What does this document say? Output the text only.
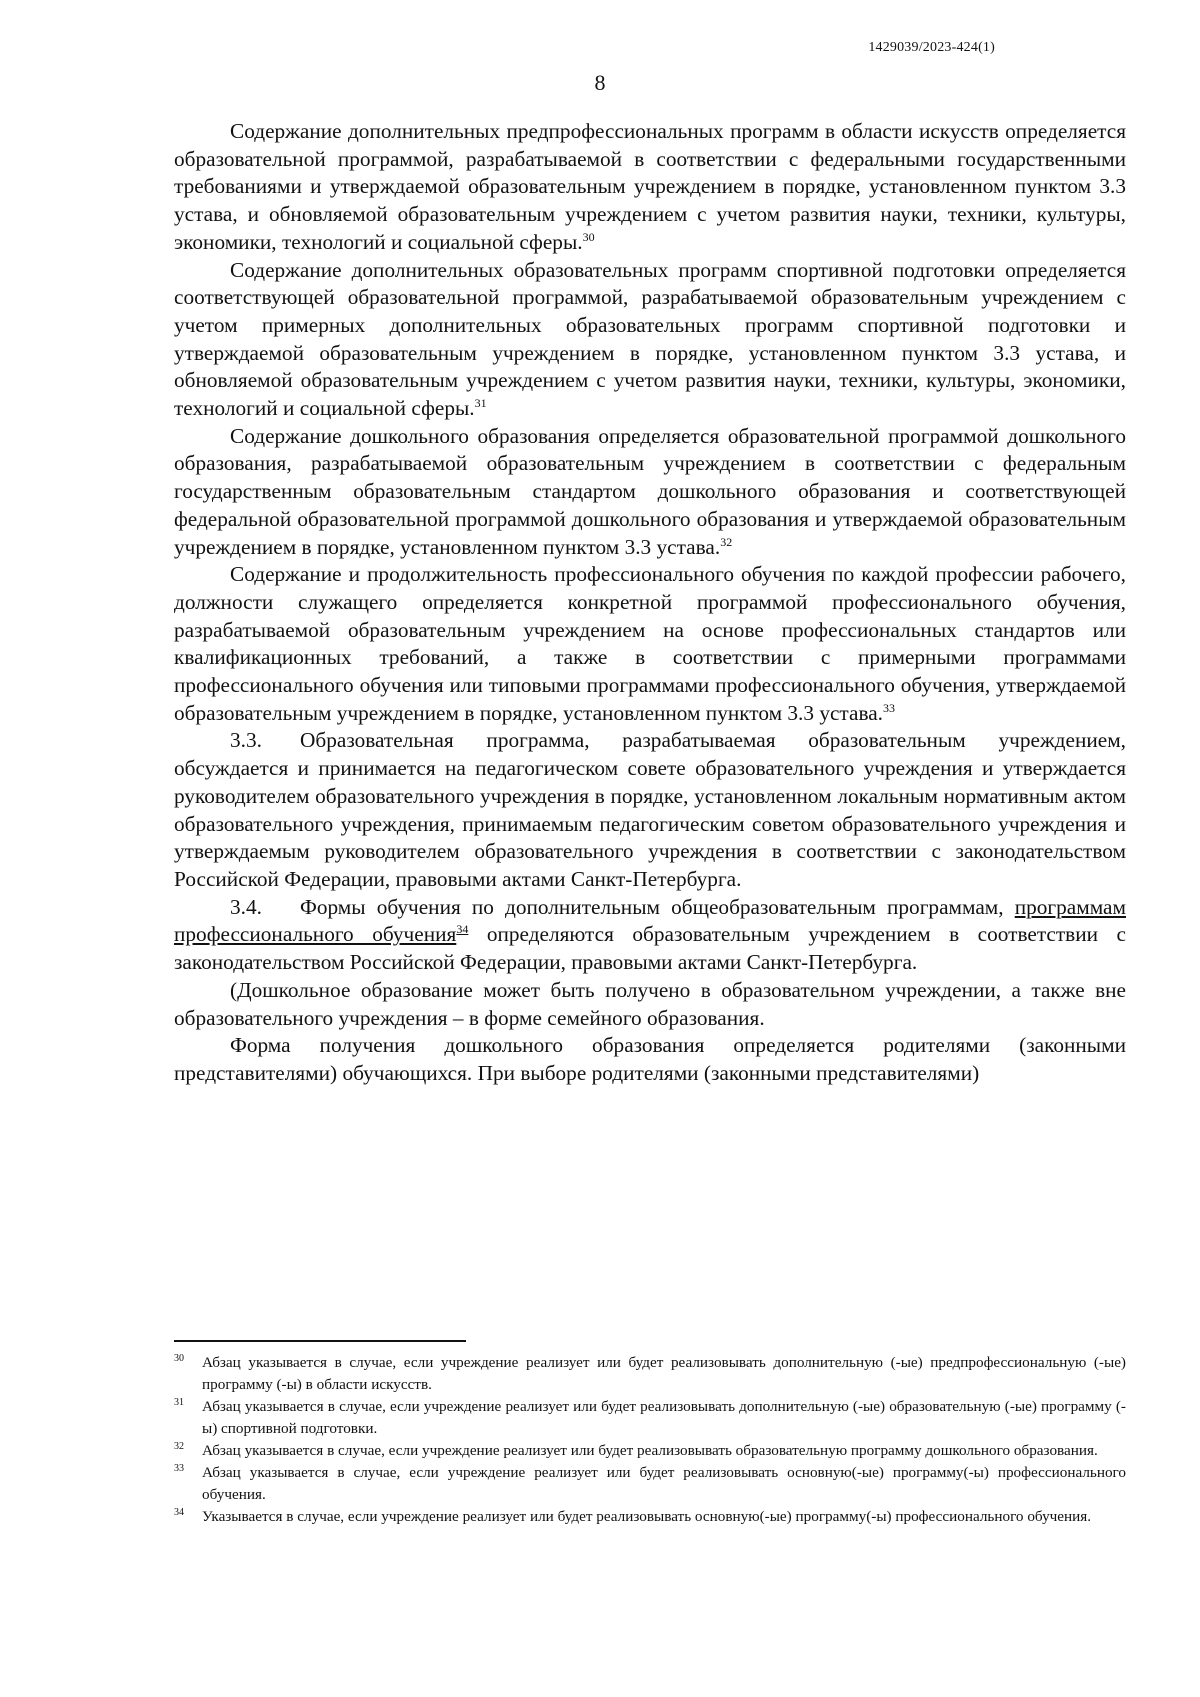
1429039/2023-424(1)
8

Содержание дополнительных предпрофессиональных программ в области искусств определяется образовательной программой, разрабатываемой в соответствии с федеральными государственными требованиями и утверждаемой образовательным учреждением в порядке, установленном пунктом 3.3 устава, и обновляемой образовательным учреждением с учетом развития науки, техники, культуры, экономики, технологий и социальной сферы.$^{30}$

Содержание дополнительных образовательных программ спортивной подготовки определяется соответствующей образовательной программой, разрабатываемой образовательным учреждением с учетом примерных дополнительных образовательных программ спортивной подготовки и утверждаемой образовательным учреждением в порядке, установленном пунктом 3.3 устава, и обновляемой образовательным учреждением с учетом развития науки, техники, культуры, экономики, технологий и социальной сферы.$^{31}$

Содержание дошкольного образования определяется образовательной программой дошкольного образования, разрабатываемой образовательным учреждением в соответствии с федеральным государственным образовательным стандартом дошкольного образования и соответствующей федеральной образовательной программой дошкольного образования и утверждаемой образовательным учреждением в порядке, установленном пунктом 3.3 устава.$^{32}$

Содержание и продолжительность профессионального обучения по каждой профессии рабочего, должности служащего определяется конкретной программой профессионального обучения, разрабатываемой образовательным учреждением на основе профессиональных стандартов или квалификационных требований, а также в соответствии с примерными программами профессионального обучения или типовыми программами профессионального обучения, утверждаемой образовательным учреждением в порядке, установленном пунктом 3.3 устава.$^{33}$

3.3. Образовательная программа, разрабатываемая образовательным учреждением, обсуждается и принимается на педагогическом совете образовательного учреждения и утверждается руководителем образовательного учреждения в порядке, установленном локальным нормативным актом образовательного учреждения, принимаемым педагогическим советом образовательного учреждения и утверждаемым руководителем образовательного учреждения в соответствии с законодательством Российской Федерации, правовыми актами Санкт-Петербурга.

3.4. Формы обучения по дополнительным общеобразовательным программам, программам профессионального обучения$^{34}$ определяются образовательным учреждением в соответствии с законодательством Российской Федерации, правовыми актами Санкт-Петербурга.

(Дошкольное образование может быть получено в образовательном учреждении, а также вне образовательного учреждения – в форме семейного образования.

Форма получения дошкольного образования определяется родителями (законными представителями) обучающихся. При выборе родителями (законными представителями)

30 Абзац указывается в случае, если учреждение реализует или будет реализовывать дополнительную (-ые) предпрофессиональную (-ые) программу (-ы) в области искусств.
31 Абзац указывается в случае, если учреждение реализует или будет реализовывать дополнительную (-ые) образовательную (-ые) программу (-ы) спортивной подготовки.
32 Абзац указывается в случае, если учреждение реализует или будет реализовывать образовательную программу дошкольного образования.
33 Абзац указывается в случае, если учреждение реализует или будет реализовывать основную(-ые) программу(-ы) профессионального обучения.
34 Указывается в случае, если учреждение реализует или будет реализовывать основную(-ые) программу(-ы) профессионального обучения.
